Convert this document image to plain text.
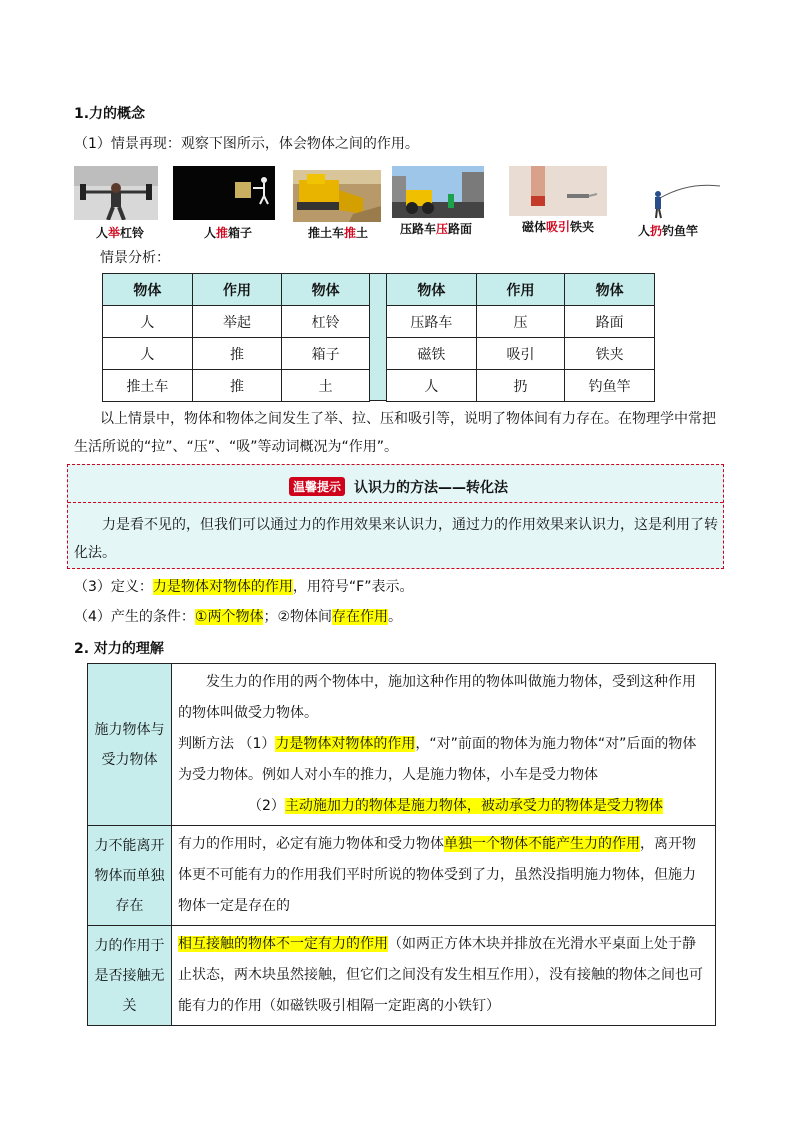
1.力的概念
（1）情景再现：观察下图所示，体会物体之间的作用。
人举杠铃	人推箱子	推土车推土	压路车压路面	磁体吸引铁夹	人扔钓鱼竿
情景分析：
物体	作用	物体
人	举起	杠铃
人	推	箱子
推土车	推	土
物体	作用	物体
压路车	压	路面
磁铁	吸引	铁夹
人	扔	钓鱼竿
以上情景中，物体和物体之间发生了举、拉、压和吸引等，说明了物体间有力存在。在物理学中常把
生活所说的“拉”、“压”、“吸”等动词概况为“作用”。
温馨提示 认识力的方法——转化法
力是看不见的，但我们可以通过力的作用效果来认识力，通过力的作用效果来认识力，这是利用了转化法。
（3）定义：力是物体对物体的作用，用符号“F”表示。
（4）产生的条件：①两个物体；②物体间存在作用。
2. 对力的理解
施力物体与受力物体	发生力的作用的两个物体中，施加这种作用的物体叫做施力物体，受到这种作用的物体叫做受力物体。
判断方法 （1）力是物体对物体的作用，“对”前面的物体为施力物体“对”后面的物体为受力物体。例如人对小车的推力，人是施力物体，小车是受力物体
（2）主动施加力的物体是施力物体，被动承受力的物体是受力物体

力不能离开物体而单独存在	有力的作用时，必定有施力物体和受力物体单独一个物体不能产生力的作用，离开物体更不可能有力的作用我们平时所说的物体受到了力，虽然没指明施力物体，但施力物体一定是存在的
力的作用于是否接触无关	相互接触的物体不一定有力的作用（如两正方体木块并排放在光滑水平桌面上处于静止状态，两木块虽然接触，但它们之间没有发生相互作用），没有接触的物体之间也可能有力的作用（如磁铁吸引相隔一定距离的小铁钉）
